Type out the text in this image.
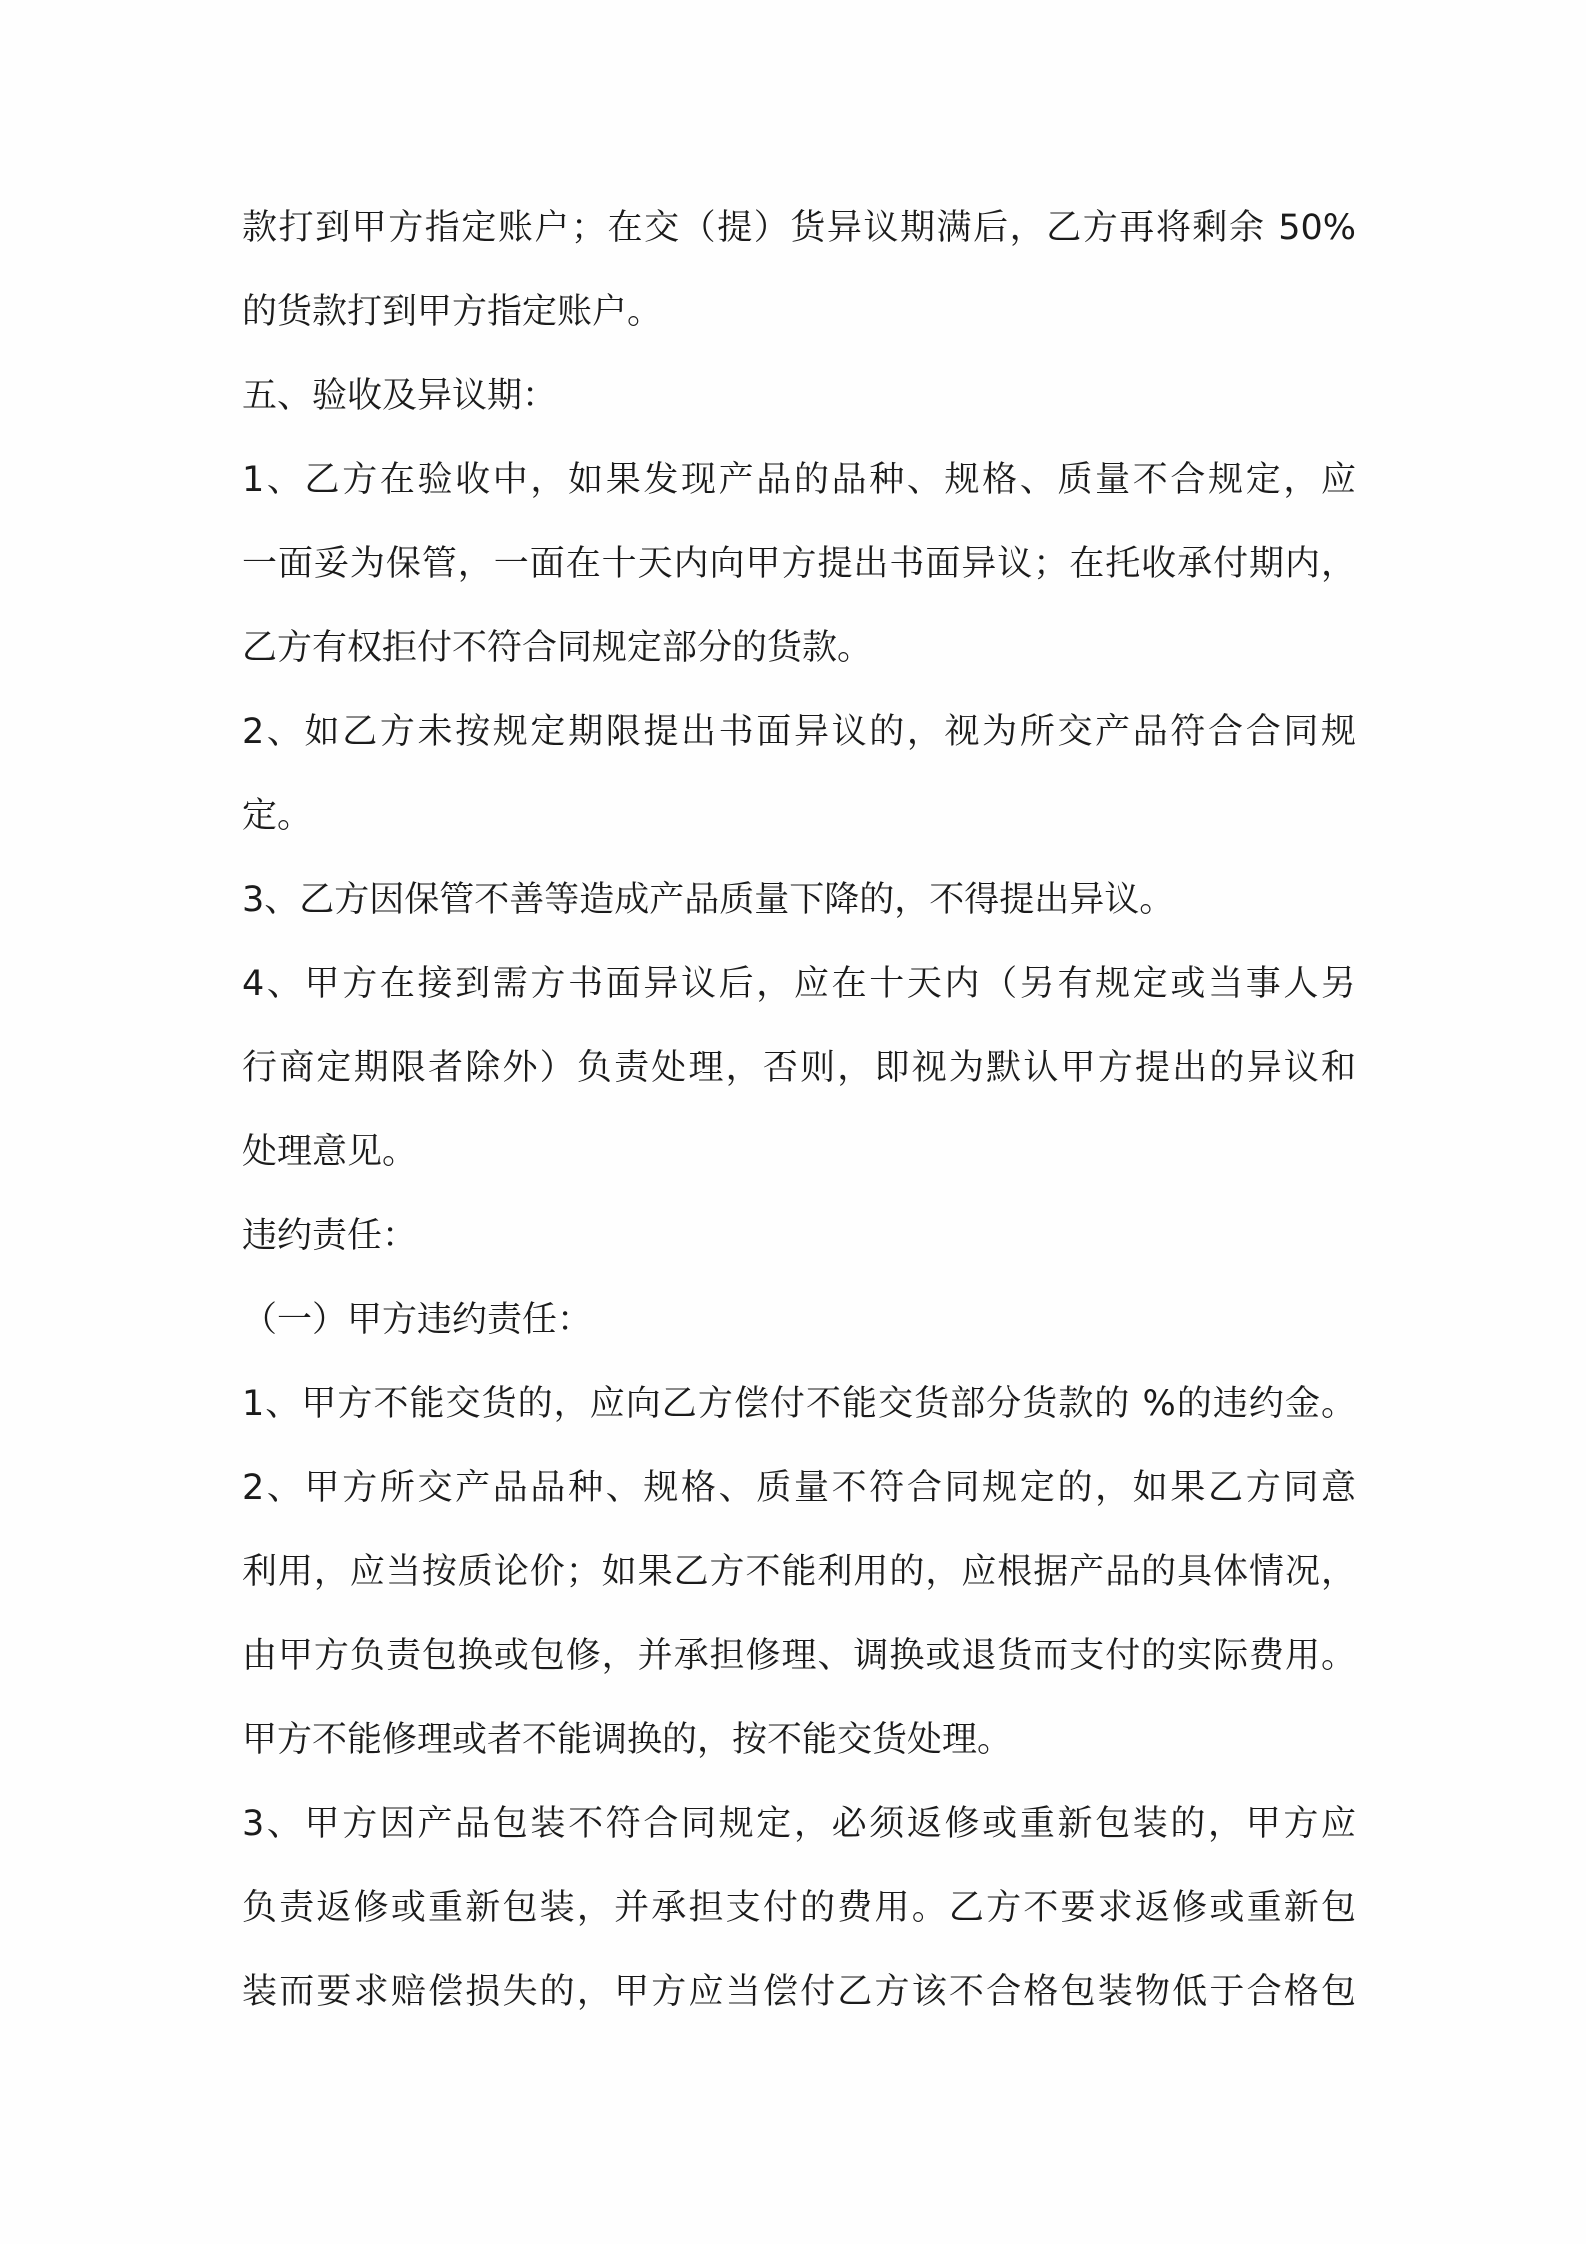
款打到甲方指定账户；在交（提）货异议期满后，乙方再将剩余 50%
的货款打到甲方指定账户。
五、验收及异议期：
1、乙方在验收中，如果发现产品的品种、规格、质量不合规定，应
一面妥为保管，一面在十天内向甲方提出书面异议；在托收承付期内，
乙方有权拒付不符合同规定部分的货款。
2、如乙方未按规定期限提出书面异议的，视为所交产品符合合同规
定。
3、乙方因保管不善等造成产品质量下降的，不得提出异议。
4、甲方在接到需方书面异议后，应在十天内（另有规定或当事人另
行商定期限者除外）负责处理，否则，即视为默认甲方提出的异议和
处理意见。
违约责任：
（一）甲方违约责任：
1、甲方不能交货的，应向乙方偿付不能交货部分货款的 %的违约金。
2、甲方所交产品品种、规格、质量不符合同规定的，如果乙方同意
利用，应当按质论价；如果乙方不能利用的，应根据产品的具体情况，
由甲方负责包换或包修，并承担修理、调换或退货而支付的实际费用。
甲方不能修理或者不能调换的，按不能交货处理。
3、甲方因产品包装不符合同规定，必须返修或重新包装的，甲方应
负责返修或重新包装，并承担支付的费用。乙方不要求返修或重新包
装而要求赔偿损失的，甲方应当偿付乙方该不合格包装物低于合格包
